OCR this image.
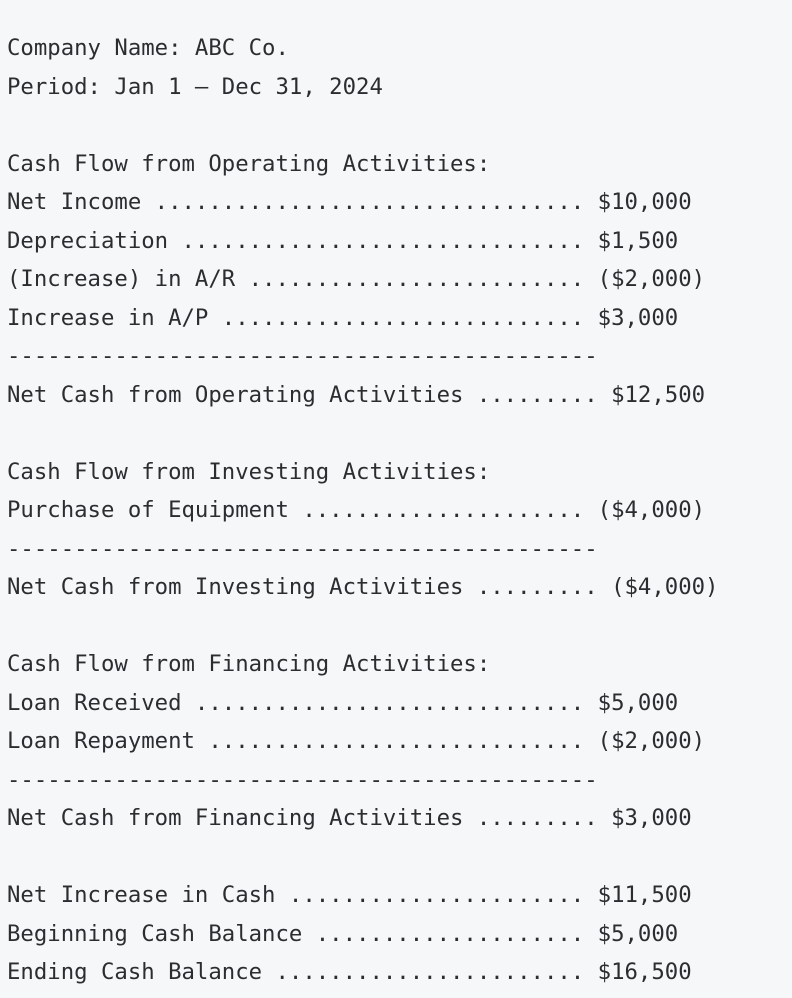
Company Name: ABC Co.
Period: Jan 1 – Dec 31, 2024
Cash Flow from Operating Activities:
Net Income ................................ $10,000
Depreciation .............................. $1,500
(Increase) in A/R ......................... ($2,000)
Increase in A/P ........................... $3,000
--------------------------------------------
Net Cash from Operating Activities ......... $12,500
Cash Flow from Investing Activities:
Purchase of Equipment ..................... ($4,000)
--------------------------------------------
Net Cash from Investing Activities ......... ($4,000)
Cash Flow from Financing Activities:
Loan Received ............................. $5,000
Loan Repayment ............................ ($2,000)
--------------------------------------------
Net Cash from Financing Activities ......... $3,000
Net Increase in Cash ...................... $11,500
Beginning Cash Balance .................... $5,000
Ending Cash Balance ....................... $16,500
